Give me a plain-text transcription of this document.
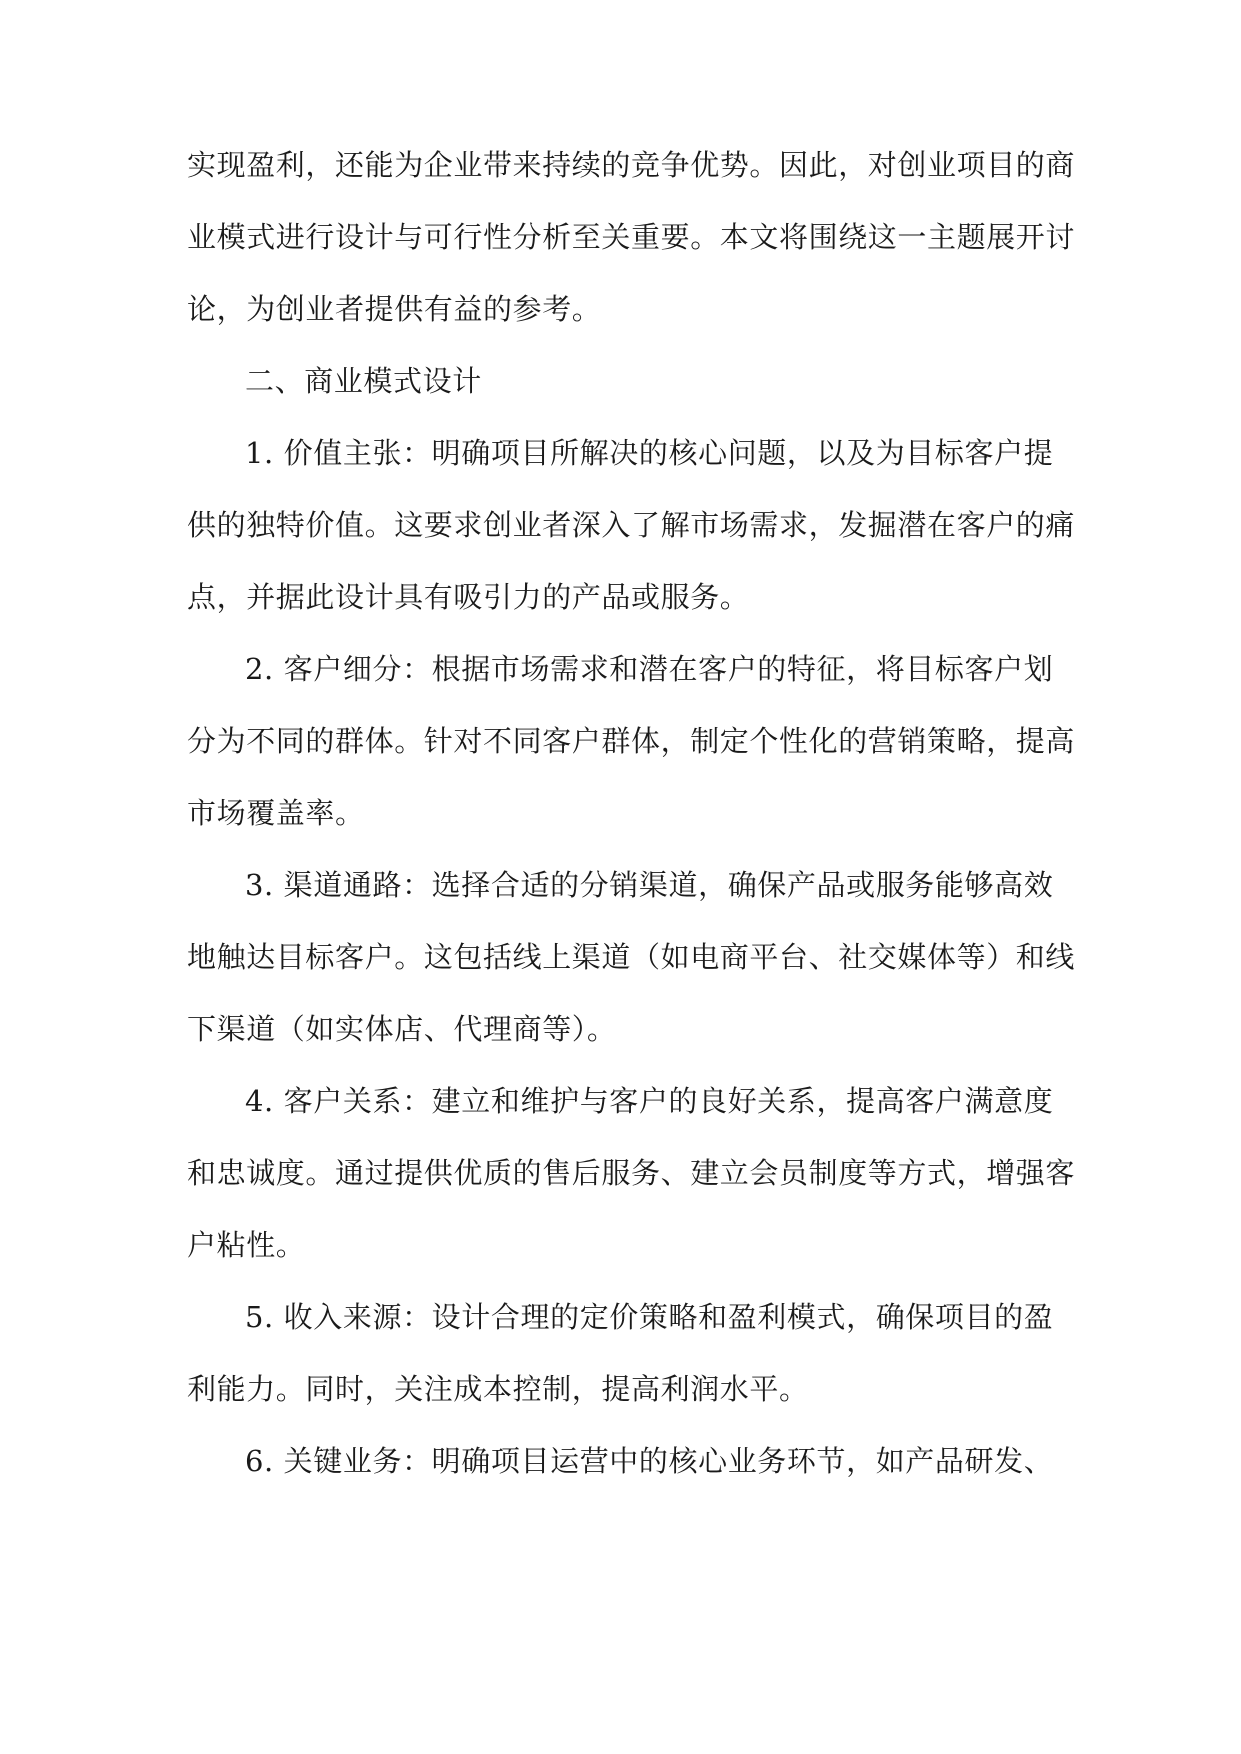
实现盈利，还能为企业带来持续的竞争优势。因此，对创业项目的商
业模式进行设计与可行性分析至关重要。本文将围绕这一主题展开讨
论，为创业者提供有益的参考。
二、商业模式设计
1. 价值主张：明确项目所解决的核心问题，以及为目标客户提
供的独特价值。这要求创业者深入了解市场需求，发掘潜在客户的痛
点，并据此设计具有吸引力的产品或服务。
2. 客户细分：根据市场需求和潜在客户的特征，将目标客户划
分为不同的群体。针对不同客户群体，制定个性化的营销策略，提高
市场覆盖率。
3. 渠道通路：选择合适的分销渠道，确保产品或服务能够高效
地触达目标客户。这包括线上渠道（如电商平台、社交媒体等）和线
下渠道（如实体店、代理商等）。
4. 客户关系：建立和维护与客户的良好关系，提高客户满意度
和忠诚度。通过提供优质的售后服务、建立会员制度等方式，增强客
户粘性。
5. 收入来源：设计合理的定价策略和盈利模式，确保项目的盈
利能力。同时，关注成本控制，提高利润水平。
6. 关键业务：明确项目运营中的核心业务环节，如产品研发、
